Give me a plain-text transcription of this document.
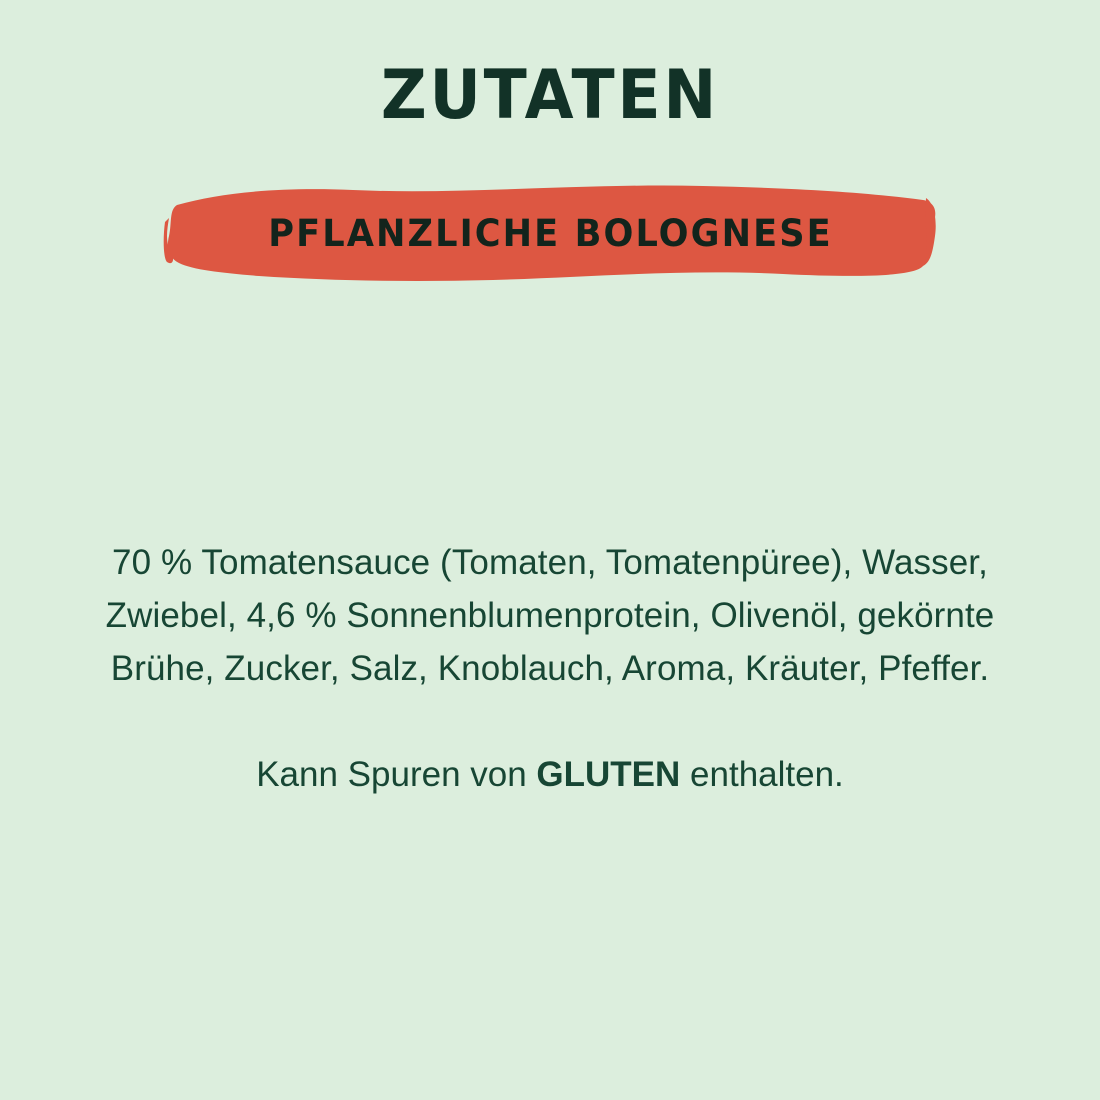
ZUTATEN
PFLANZLICHE BOLOGNESE
70 % Tomatensauce (Tomaten, Tomatenpüree), Wasser, Zwiebel, 4,6 % Sonnenblumenprotein, Olivenöl, gekörnte Brühe, Zucker, Salz, Knoblauch, Aroma, Kräuter, Pfeffer.
Kann Spuren von GLUTEN enthalten.
